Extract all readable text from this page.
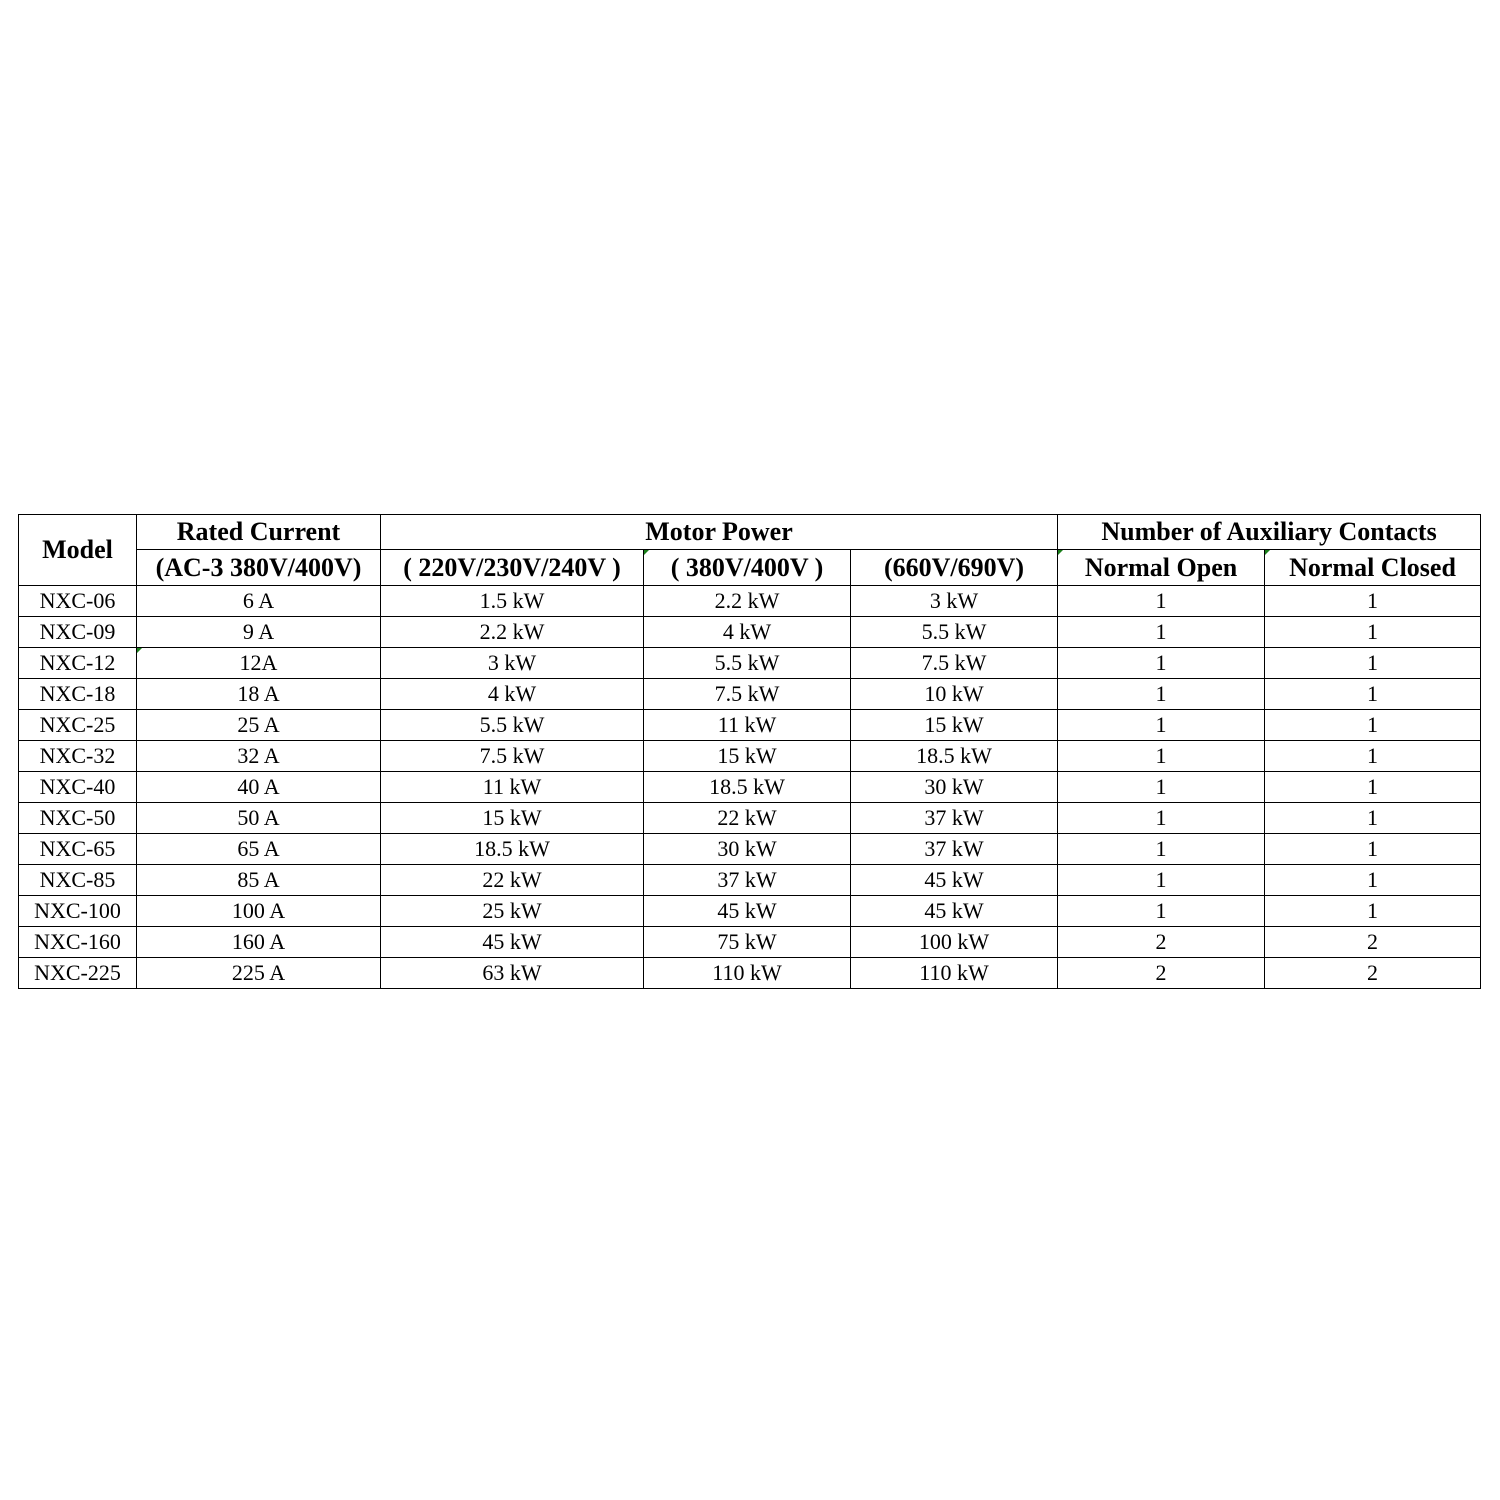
Model	Rated Current	Motor Power			Number of Auxiliary Contacts	
	(AC-3 380V/400V)	( 220V/230V/240V )	( 380V/400V )	(660V/690V)	Normal Open	Normal Closed
NXC-06	6 A	1.5 kW	2.2 kW	3 kW	1	1
NXC-09	9 A	2.2 kW	4 kW	5.5 kW	1	1
NXC-12	12A	3 kW	5.5 kW	7.5 kW	1	1
NXC-18	18 A	4 kW	7.5 kW	10 kW	1	1
NXC-25	25 A	5.5 kW	11 kW	15 kW	1	1
NXC-32	32 A	7.5 kW	15 kW	18.5 kW	1	1
NXC-40	40 A	11 kW	18.5 kW	30 kW	1	1
NXC-50	50 A	15 kW	22 kW	37 kW	1	1
NXC-65	65 A	18.5 kW	30 kW	37 kW	1	1
NXC-85	85 A	22 kW	37 kW	45 kW	1	1
NXC-100	100 A	25 kW	45 kW	45 kW	1	1
NXC-160	160 A	45 kW	75 kW	100 kW	2	2
NXC-225	225 A	63 kW	110 kW	110 kW	2	2
